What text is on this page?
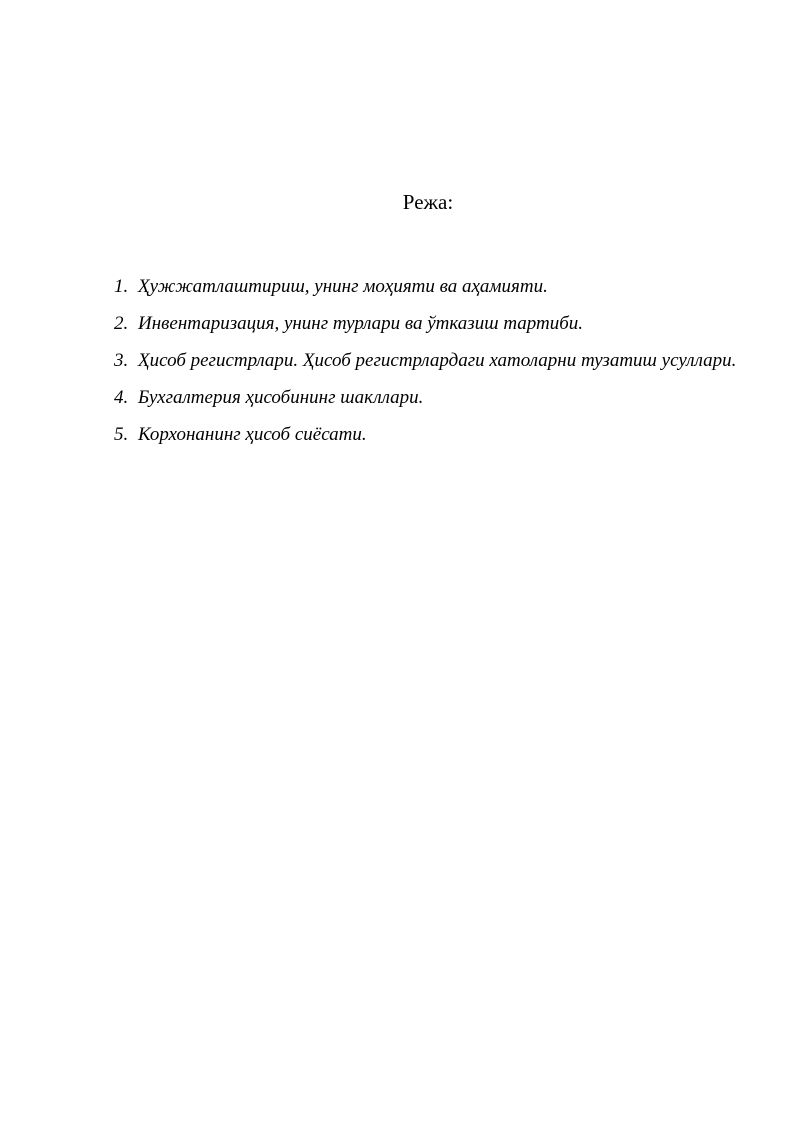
Режа:
1. Ҳужжатлаштириш, унинг моҳияти ва аҳамияти.
2. Инвентаризация, унинг турлари ва ўтказиш тартиби.
3. Ҳисоб регистрлари. Ҳисоб регистрлардаги хатоларни тузатиш усуллари.
4. Бухгалтерия ҳисобининг шакллари.
5. Корхонанинг ҳисоб сиёсати.
